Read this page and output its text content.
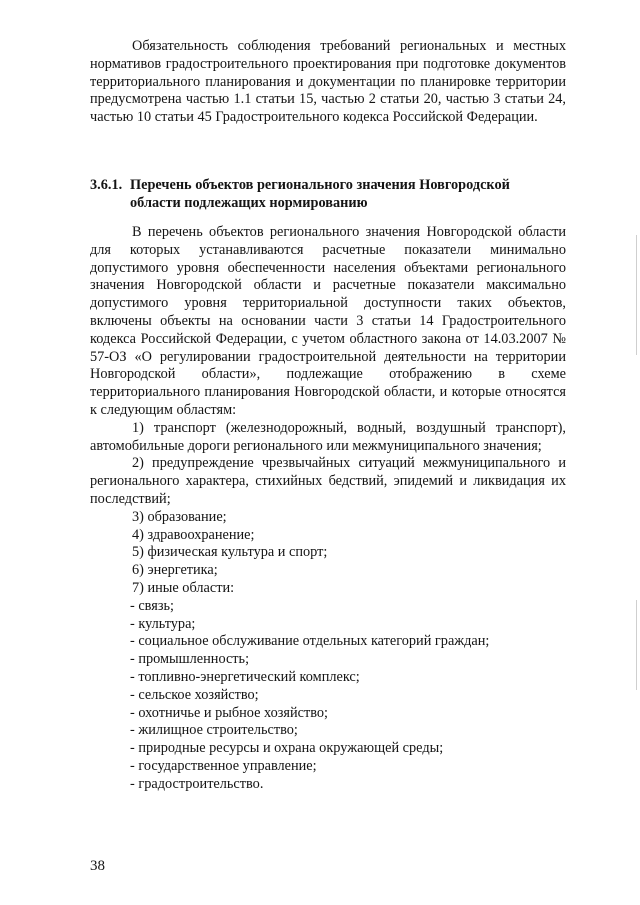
Обязательность соблюдения требований региональных и местных нормативов градостроительного проектирования при подготовке документов территориального планирования и документации по планировке территории предусмотрена частью 1.1 статьи 15, частью 2 статьи 20, частью 3 статьи 24, частью 10 статьи 45 Градостроительного кодекса Российской Федерации.

3.6.1. Перечень объектов регионального значения Новгородской
области подлежащих нормированию

В перечень объектов регионального значения Новгородской области для которых устанавливаются расчетные показатели минимально допустимого уровня обеспеченности населения объектами регионального значения Новгородской области и расчетные показатели максимально допустимого уровня территориальной доступности таких объектов, включены объекты на основании части 3 статьи 14 Градостроительного кодекса Российской Федерации, с учетом областного закона от 14.03.2007 № 57-ОЗ «О регулировании градостроительной деятельности на территории Новгородской области», подлежащие отображению в схеме территориального планирования Новгородской области, и которые относятся к следующим областям:

1) транспорт (железнодорожный, водный, воздушный транспорт), автомобильные дороги регионального или межмуниципального значения;

2) предупреждение чрезвычайных ситуаций межмуниципального и регионального характера, стихийных бедствий, эпидемий и ликвидация их последствий;

3) образование;

4) здравоохранение;

5) физическая культура и спорт;

6) энергетика;

7) иные области:

- связь;

- культура;

- социальное обслуживание отдельных категорий граждан;

- промышленность;

- топливно-энергетический комплекс;

- сельское хозяйство;

- охотничье и рыбное хозяйство;

- жилищное строительство;

- природные ресурсы и охрана окружающей среды;

- государственное управление;

- градостроительство.

38
